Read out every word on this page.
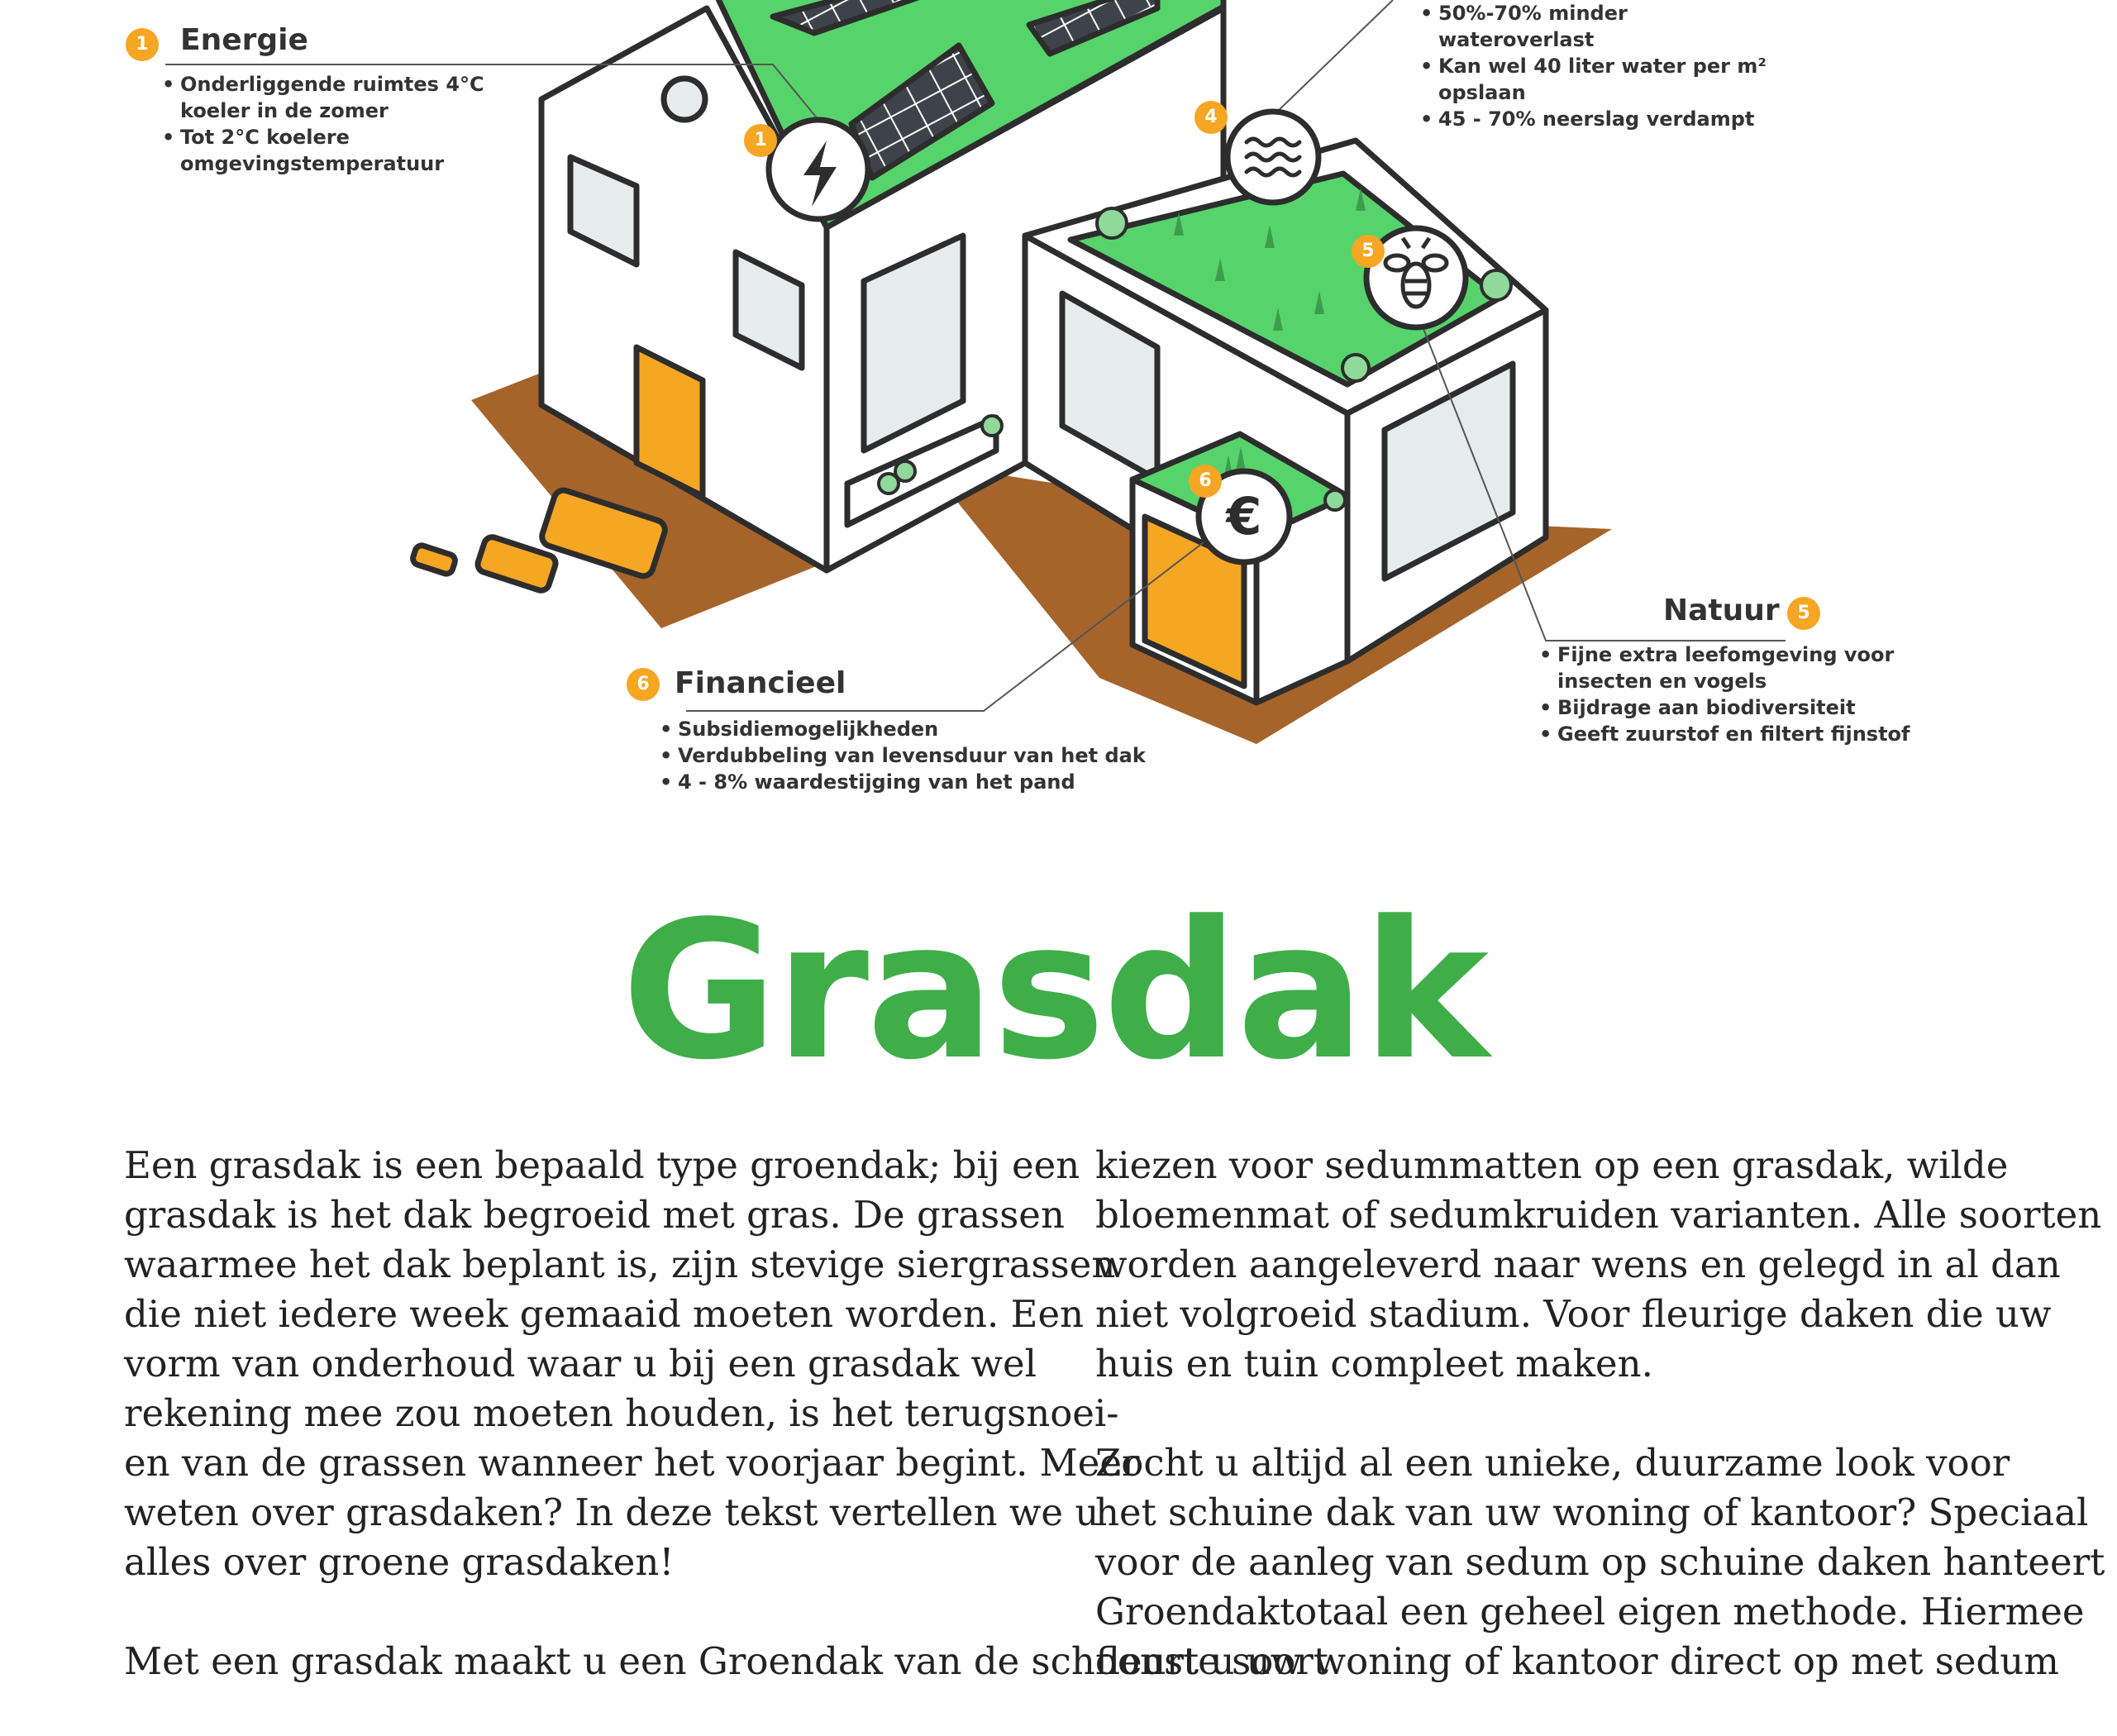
€
⚡
1
4
5
6
1	Energie
• Onderliggende ruimtes 4°C
koeler in de zomer
• Tot 2°C koelere
omgevingstemperatuur
• 50%-70% minder
wateroverlast
• Kan wel 40 liter water per m²
opslaan
• 45 - 70% neerslag verdampt
Natuur 5
• Fijne extra leefomgeving voor
insecten en vogels
• Bijdrage aan biodiversiteit
• Geeft zuurstof en filtert fijnstof
6 Financieel
• Subsidiemogelijkheden
• Verdubbeling van levensduur van het dak
• 4 - 8% waardestijging van het pand
Grasdak

Een grasdak is een bepaald type groendak; bij een
grasdak is het dak begroeid met gras. De grassen
waarmee het dak beplant is, zijn stevige siergrassen
die niet iedere week gemaaid moeten worden. Een
vorm van onderhoud waar u bij een grasdak wel
rekening mee zou moeten houden, is het terugsnoei-
en van de grassen wanneer het voorjaar begint. Meer
weten over grasdaken? In deze tekst vertellen we u
alles over groene grasdaken!

Met een grasdak maakt u een Groendak van de schoonste soort

kiezen voor sedummatten op een grasdak, wilde
bloemenmat of sedumkruiden varianten. Alle soorten
worden aangeleverd naar wens en gelegd in al dan
niet volgroeid stadium. Voor fleurige daken die uw
huis en tuin compleet maken.

Zocht u altijd al een unieke, duurzame look voor
het schuine dak van uw woning of kantoor? Speciaal
voor de aanleg van sedum op schuine daken hanteert
Groendaktotaal een geheel eigen methode. Hiermee
fleurt u uw woning of kantoor direct op met sedum
